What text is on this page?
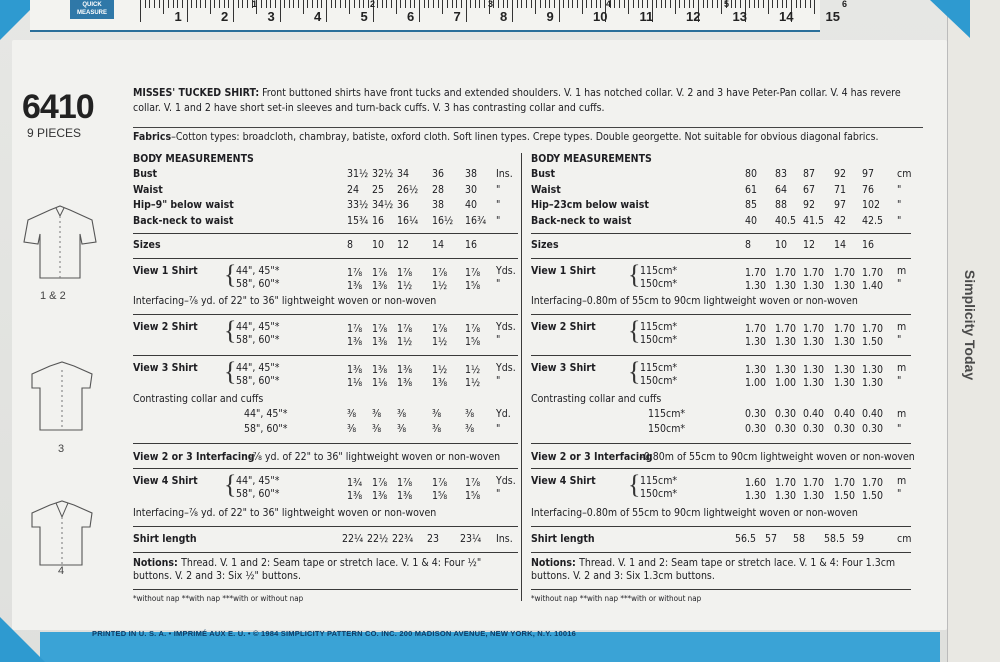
Simplicity Today
PRINTED IN U. S. A. • IMPRIMÉ AUX E. U. • © 1984 SIMPLICITY PATTERN CO. INC. 200 MADISON AVENUE, NEW YORK, N.Y. 10016
1	2	3	4	5	6	7	8	9	10 11	12 13 14 15
1	2	3	4	5	6
QUICK MEASURE
6410
9 PIECES
1 & 2
3
4
MISSES' TUCKED SHIRT: Front buttoned shirts have front tucks and extended shoulders. V. 1 has notched collar. V. 2 and 3 have Peter-Pan collar. V. 4 has revere collar. V. 1 and 2 have short set-in sleeves and turn-back cuffs. V. 3 has contrasting collar and cuffs.
Fabrics–Cotton types: broadcloth, chambray, batiste, oxford cloth. Soft linen types. Crepe types. Double georgette. Not suitable for obvious diagonal fabrics.
BODY MEASUREMENTS
Bust	31½ 32½ 34 36 38 Ins.
Waist	24 25 26½ 28 30 "
Hip–9" below waist	33½ 34½ 36 38 40 "
Back-neck to waist	15¾ 16 16¼ 16½ 16¾ "
Sizes	8 10 12 14 16
View 1 Shirt { 44", 45"*	1⅞ 1⅞ 1⅞ 1⅞ 1⅞ Yds.
58", 60"*	1⅜ 1⅜ 1½ 1½ 1⅝ "
Interfacing–⅞ yd. of 22" to 36" lightweight woven or non-woven
View 2 Shirt { 44", 45"*	1⅞ 1⅞ 1⅞ 1⅞ 1⅞ Yds.
58", 60"*	1⅜ 1⅜ 1½ 1½ 1⅝ "
View 3 Shirt { 44", 45"*	1⅜ 1⅜ 1⅜ 1½ 1½ Yds.
58", 60"*	1⅛ 1⅛ 1⅜ 1⅜ 1½ "
Contrasting collar and cuffs
44", 45"*	⅜ ⅜ ⅜ ⅜ ⅜ Yd.
58", 60"*	⅜ ⅜ ⅜ ⅜ ⅜ "
View 2 or 3 Interfacing
–⅞ yd. of 22" to 36" lightweight woven or non-woven
View 4 Shirt { 44", 45"*	1¾ 1⅞ 1⅞ 1⅞ 1⅞ Yds.
58", 60"*	1⅜ 1⅜ 1⅜ 1⅝ 1⅝ "
Interfacing–⅞ yd. of 22" to 36" lightweight woven or non-woven
Shirt length	22¼ 22½ 22¾ 23 23¼ Ins.
Notions: Thread. V. 1 and 2: Seam tape or stretch lace. V. 1 & 4: Four ½" buttons. V. 2 and 3: Six ½" buttons.
*without nap **with nap ***with or without nap
BODY MEASUREMENTS
Bust	80 83 87 92 97 cm
Waist	61 64 67 71 76 "
Hip–23cm below waist	85 88 92 97 102 "
Back-neck to waist	40 40.5 41.5 42 42.5 "
Sizes	8 10 12 14 16
View 1 Shirt { 115cm*	1.70 1.70 1.70 1.70 1.70 m
150cm*	1.30 1.30 1.30 1.30 1.40 "
Interfacing–0.80m of 55cm to 90cm lightweight woven or non-woven
View 2 Shirt { 115cm*	1.70 1.70 1.70 1.70 1.70 m
150cm*	1.30 1.30 1.30 1.30 1.50 "
View 3 Shirt { 115cm*	1.30 1.30 1.30 1.30 1.30 m
150cm*	1.00 1.00 1.30 1.30 1.30 "
Contrasting collar and cuffs
115cm*	0.30 0.30 0.40 0.40 0.40 m
150cm*	0.30 0.30 0.30 0.30 0.30 "
View 2 or 3 Interfacing
–0.80m of 55cm to 90cm lightweight woven or non-woven
View 4 Shirt { 115cm*	1.60 1.70 1.70 1.70 1.70 m
150cm*	1.30 1.30 1.30 1.50 1.50 "
Interfacing–0.80m of 55cm to 90cm lightweight woven or non-woven
Shirt length	56.5 57 58 58.5 59	cm
Notions: Thread. V. 1 and 2: Seam tape or stretch lace. V. 1 & 4: Four 1.3cm buttons. V. 2 and 3: Six 1.3cm buttons.
*without nap **with nap ***with or without nap
